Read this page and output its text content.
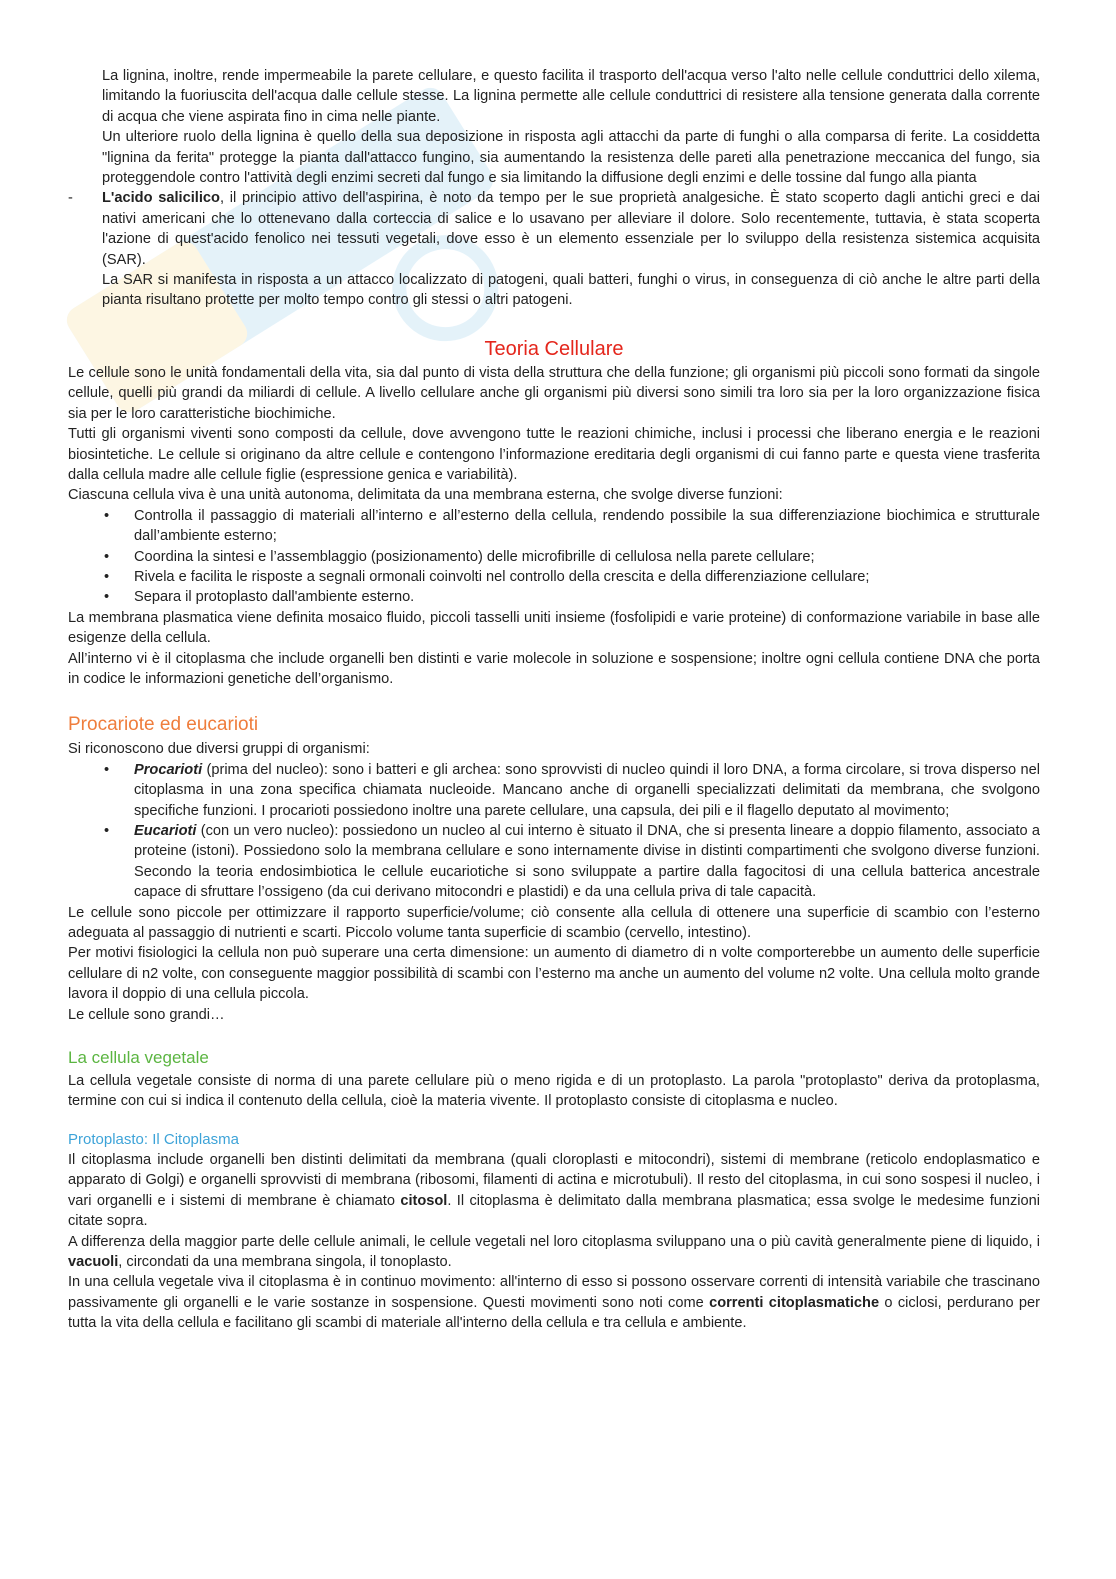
La lignina, inoltre, rende impermeabile la parete cellulare, e questo facilita il trasporto dell'acqua verso l'alto nelle cellule conduttrici dello xilema, limitando la fuoriuscita dell'acqua dalle cellule stesse. La lignina permette alle cellule conduttrici di resistere alla tensione generata dalla corrente di acqua che viene aspirata fino in cima nelle piante.

Un ulteriore ruolo della lignina è quello della sua deposizione in risposta agli attacchi da parte di funghi o alla comparsa di ferite. La cosiddetta "lignina da ferita" protegge la pianta dall'attacco fungino, sia aumentando la resistenza delle pareti alla penetrazione meccanica del fungo, sia proteggendole contro l'attività degli enzimi secreti dal fungo e sia limitando la diffusione degli enzimi e delle tossine dal fungo alla pianta

- L'acido salicilico, il principio attivo dell'aspirina, è noto da tempo per le sue proprietà analgesiche. È stato scoperto dagli antichi greci e dai nativi americani che lo ottenevano dalla corteccia di salice e lo usavano per alleviare il dolore. Solo recentemente, tuttavia, è stata scoperta l'azione di quest'acido fenolico nei tessuti vegetali, dove esso è un elemento essenziale per lo sviluppo della resistenza sistemica acquisita (SAR).

La SAR si manifesta in risposta a un attacco localizzato di patogeni, quali batteri, funghi o virus, in conseguenza di ciò anche le altre parti della pianta risultano protette per molto tempo contro gli stessi o altri patogeni.

Teoria Cellulare

Le cellule sono le unità fondamentali della vita, sia dal punto di vista della struttura che della funzione; gli organismi più piccoli sono formati da singole cellule, quelli più grandi da miliardi di cellule. A livello cellulare anche gli organismi più diversi sono simili tra loro sia per la loro organizzazione fisica sia per le loro caratteristiche biochimiche.

Tutti gli organismi viventi sono composti da cellule, dove avvengono tutte le reazioni chimiche, inclusi i processi che liberano energia e le reazioni biosintetiche. Le cellule si originano da altre cellule e contengono l’informazione ereditaria degli organismi di cui fanno parte e questa viene trasferita dalla cellula madre alle cellule figlie (espressione genica e variabilità).

Ciascuna cellula viva è una unità autonoma, delimitata da una membrana esterna, che svolge diverse funzioni:

• Controlla il passaggio di materiali all’interno e all’esterno della cellula, rendendo possibile la sua differenziazione biochimica e strutturale dall’ambiente esterno;
• Coordina la sintesi e l’assemblaggio (posizionamento) delle microfibrille di cellulosa nella parete cellulare;
• Rivela e facilita le risposte a segnali ormonali coinvolti nel controllo della crescita e della differenziazione cellulare;
• Separa il protoplasto dall'ambiente esterno.

La membrana plasmatica viene definita mosaico fluido, piccoli tasselli uniti insieme (fosfolipidi e varie proteine) di conformazione variabile in base alle esigenze della cellula.

All’interno vi è il citoplasma che include organelli ben distinti e varie molecole in soluzione e sospensione; inoltre ogni cellula contiene DNA che porta in codice le informazioni genetiche dell’organismo.

Procariote ed eucarioti

Si riconoscono due diversi gruppi di organismi:

• Procarioti (prima del nucleo): sono i batteri e gli archea: sono sprovvisti di nucleo quindi il loro DNA, a forma circolare, si trova disperso nel citoplasma in una zona specifica chiamata nucleoide. Mancano anche di organelli specializzati delimitati da membrana, che svolgono specifiche funzioni. I procarioti possiedono inoltre una parete cellulare, una capsula, dei pili e il flagello deputato al movimento;
• Eucarioti (con un vero nucleo): possiedono un nucleo al cui interno è situato il DNA, che si presenta lineare a doppio filamento, associato a proteine (istoni). Possiedono solo la membrana cellulare e sono internamente divise in distinti compartimenti che svolgono diverse funzioni. Secondo la teoria endosimbiotica le cellule eucariotiche si sono sviluppate a partire dalla fagocitosi di una cellula batterica ancestrale capace di sfruttare l’ossigeno (da cui derivano mitocondri e plastidi) e da una cellula priva di tale capacità.

Le cellule sono piccole per ottimizzare il rapporto superficie/volume; ciò consente alla cellula di ottenere una superficie di scambio con l’esterno adeguata al passaggio di nutrienti e scarti. Piccolo volume tanta superficie di scambio (cervello, intestino).

Per motivi fisiologici la cellula non può superare una certa dimensione: un aumento di diametro di n volte comporterebbe un aumento delle superficie cellulare di n2 volte, con conseguente maggior possibilità di scambi con l’esterno ma anche un aumento del volume n2 volte. Una cellula molto grande lavora il doppio di una cellula piccola.

Le cellule sono grandi…

La cellula vegetale

La cellula vegetale consiste di norma di una parete cellulare più o meno rigida e di un protoplasto. La parola "protoplasto" deriva da protoplasma, termine con cui si indica il contenuto della cellula, cioè la materia vivente. Il protoplasto consiste di citoplasma e nucleo.

Protoplasto: Il Citoplasma

Il citoplasma include organelli ben distinti delimitati da membrana (quali cloroplasti e mitocondri), sistemi di membrane (reticolo endoplasmatico e apparato di Golgi) e organelli sprovvisti di membrana (ribosomi, filamenti di actina e microtubuli). Il resto del citoplasma, in cui sono sospesi il nucleo, i vari organelli e i sistemi di membrane è chiamato citosol. Il citoplasma è delimitato dalla membrana plasmatica; essa svolge le medesime funzioni citate sopra.

A differenza della maggior parte delle cellule animali, le cellule vegetali nel loro citoplasma sviluppano una o più cavità generalmente piene di liquido, i vacuoli, circondati da una membrana singola, il tonoplasto.

In una cellula vegetale viva il citoplasma è in continuo movimento: all'interno di esso si possono osservare correnti di intensità variabile che trascinano passivamente gli organelli e le varie sostanze in sospensione. Questi movimenti sono noti come correnti citoplasmatiche o ciclosi, perdurano per tutta la vita della cellula e facilitano gli scambi di materiale all'interno della cellula e tra cellula e ambiente.
